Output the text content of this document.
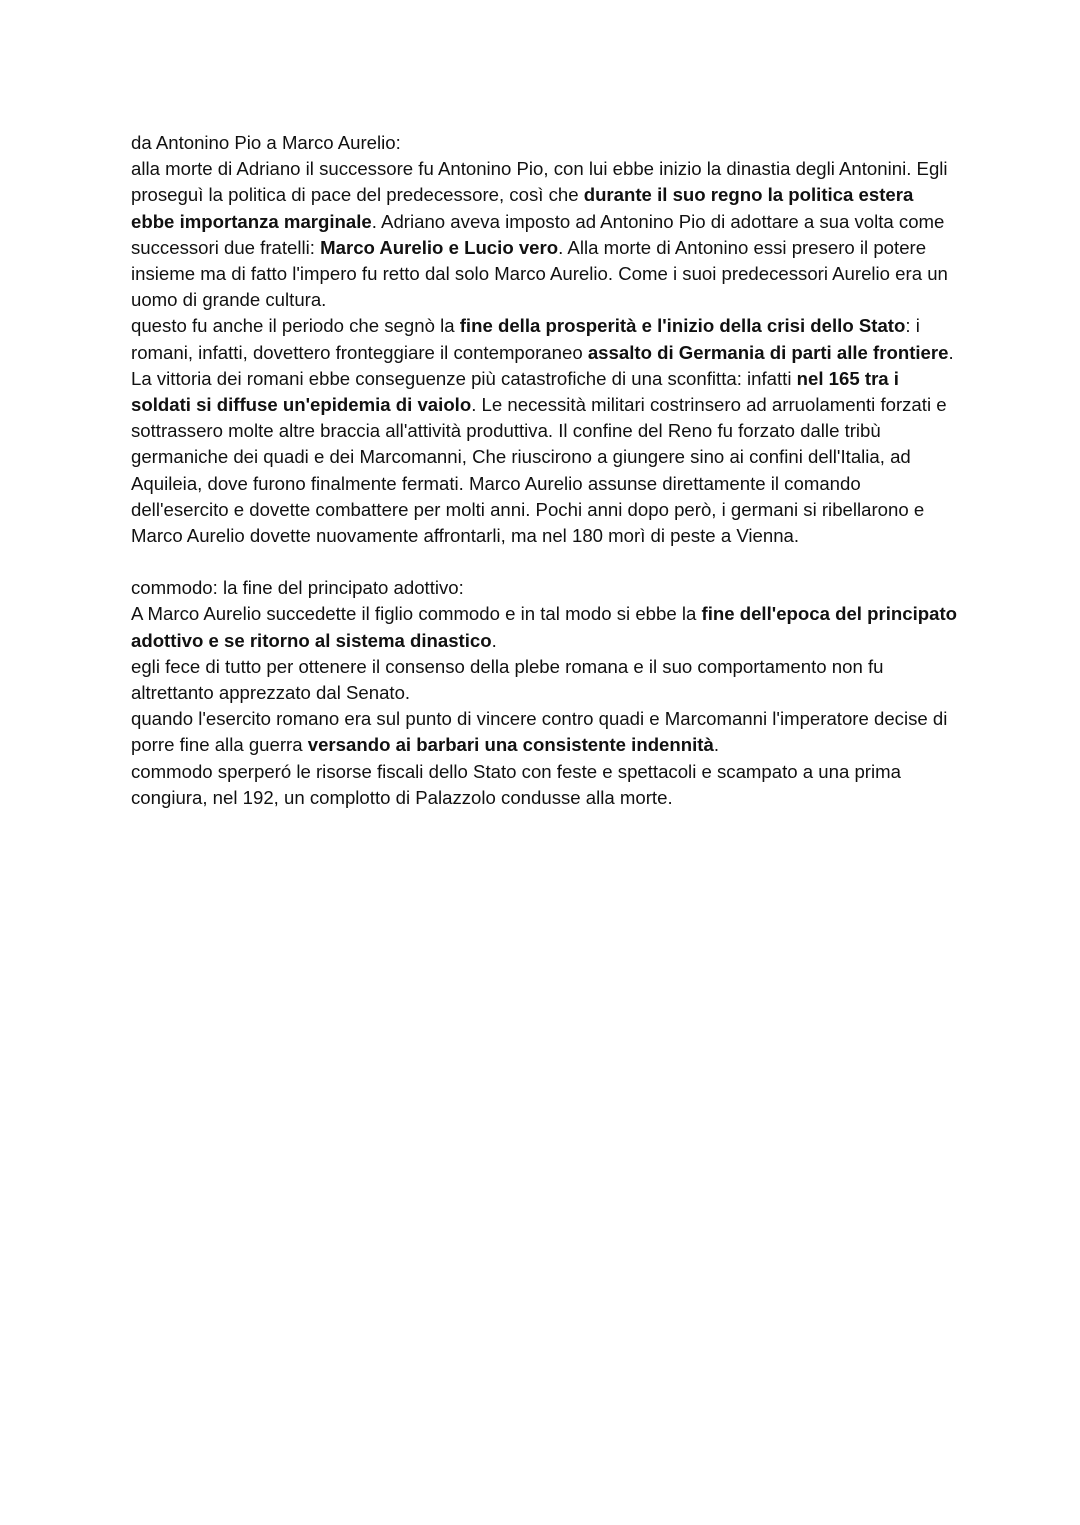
da Antonino Pio a Marco Aurelio:

alla morte di Adriano il successore fu Antonino Pio, con lui ebbe inizio la dinastia degli Antonini. Egli proseguì la politica di pace del predecessore, così che durante il suo regno la politica estera ebbe importanza marginale. Adriano aveva imposto ad Antonino Pio di adottare a sua volta come successori due fratelli: Marco Aurelio e Lucio vero. Alla morte di Antonino essi presero il potere insieme ma di fatto l'impero fu retto dal solo Marco Aurelio. Come i suoi predecessori Aurelio era un uomo di grande cultura.

questo fu anche il periodo che segnò la fine della prosperità e l'inizio della crisi dello Stato: i romani, infatti, dovettero fronteggiare il contemporaneo assalto di Germania di parti alle frontiere. La vittoria dei romani ebbe conseguenze più catastrofiche di una sconfitta: infatti nel 165 tra i soldati si diffuse un'epidemia di vaiolo. Le necessità militari costrinsero ad arruolamenti forzati e sottrassero molte altre braccia all'attività produttiva. Il confine del Reno fu forzato dalle tribù germaniche dei quadi e dei Marcomanni, Che riuscirono a giungere sino ai confini dell'Italia, ad Aquileia, dove furono finalmente fermati. Marco Aurelio assunse direttamente il comando dell'esercito e dovette combattere per molti anni. Pochi anni dopo però, i germani si ribellarono e Marco Aurelio dovette nuovamente affrontarli, ma nel 180 morì di peste a Vienna.

commodo: la fine del principato adottivo:

A Marco Aurelio succedette il figlio commodo e in tal modo si ebbe la fine dell'epoca del principato adottivo e se ritorno al sistema dinastico.

egli fece di tutto per ottenere il consenso della plebe romana e il suo comportamento non fu altrettanto apprezzato dal Senato.

quando l'esercito romano era sul punto di vincere contro quadi e Marcomanni l'imperatore decise di porre fine alla guerra versando ai barbari una consistente indennità.

commodo sperperó le risorse fiscali dello Stato con feste e spettacoli e scampato a una prima congiura, nel 192, un complotto di Palazzolo condusse alla morte.
